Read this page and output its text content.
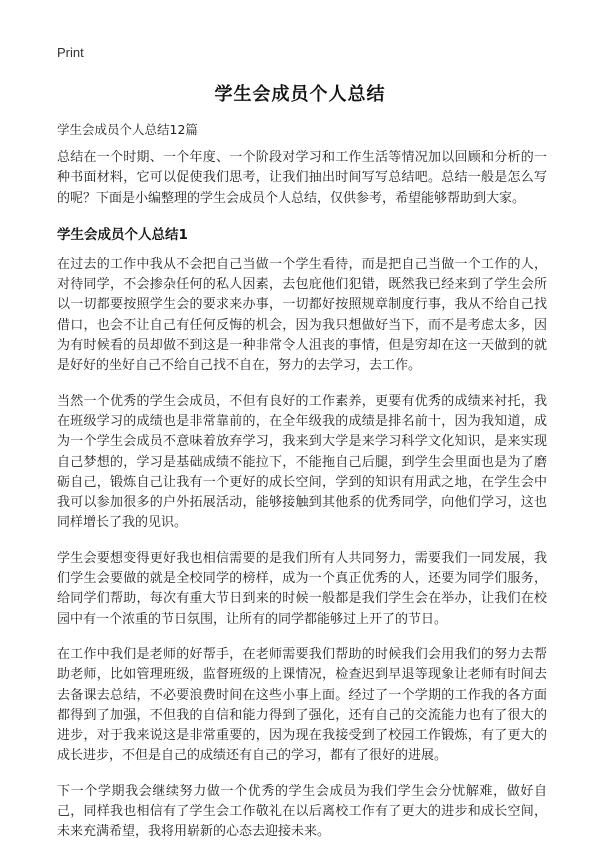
Print
学生会成员个人总结
学生会成员个人总结12篇

总结在一个时期、一个年度、一个阶段对学习和工作生活等情况加以回顾和分析的一种书面材料，它可以促使我们思考，让我们抽出时间写写总结吧。总结一般是怎么写的呢？下面是小编整理的学生会成员个人总结，仅供参考，希望能够帮助到大家。

学生会成员个人总结1

在过去的工作中我从不会把自己当做一个学生看待，而是把自己当做一个工作的人，对待同学，不会掺杂任何的私人因素，去包庇他们犯错，既然我已经来到了学生会所以一切都要按照学生会的要求来办事，一切都好按照规章制度行事，我从不给自己找借口，也会不让自己有任何反悔的机会，因为我只想做好当下，而不是考虑太多，因为有时候看的员却做不到这是一种非常令人沮丧的事情，但是穷却在这一天做到的就是好好的坐好自己不给自己找不自在，努力的去学习，去工作。

当然一个优秀的学生会成员，不但有良好的工作素养，更要有优秀的成绩来衬托，我在班级学习的成绩也是非常靠前的，在全年级我的成绩是排名前十，因为我知道，成为一个学生会成员不意味着放弃学习，我来到大学是来学习科学文化知识，是来实现自己梦想的，学习是基础成绩不能拉下，不能拖自己后腿，到学生会里面也是为了磨砺自己，锻炼自己让我有一个更好的成长空间，学到的知识有用武之地，在学生会中我可以参加很多的户外拓展活动，能够接触到其他系的优秀同学，向他们学习，这也同样增长了我的见识。

学生会要想变得更好我也相信需要的是我们所有人共同努力，需要我们一同发展，我们学生会要做的就是全校同学的榜样，成为一个真正优秀的人，还要为同学们服务，给同学们帮助，每次有重大节日到来的时候一般都是我们学生会在举办，让我们在校园中有一个浓重的节日氛围，让所有的同学都能够过上开了的节日。

在工作中我们是老师的好帮手，在老师需要我们帮助的时候我们会用我们的努力去帮助老师，比如管理班级，监督班级的上课情况，检查迟到早退等现象让老师有时间去去备课去总结，不必要浪费时间在这些小事上面。经过了一个学期的工作我的各方面都得到了加强，不但我的自信和能力得到了强化，还有自己的交流能力也有了很大的进步，对于我来说这是非常重要的，因为现在我接受到了校园工作锻炼，有了更大的成长进步，不但是自己的成绩还有自己的学习，都有了很好的进展。

下一个学期我会继续努力做一个优秀的学生会成员为我们学生会分忧解难，做好自己，同样我也相信有了学生会工作敬礼在以后离校工作有了更大的进步和成长空间，未来充满希望，我将用崭新的心态去迎接未来。
